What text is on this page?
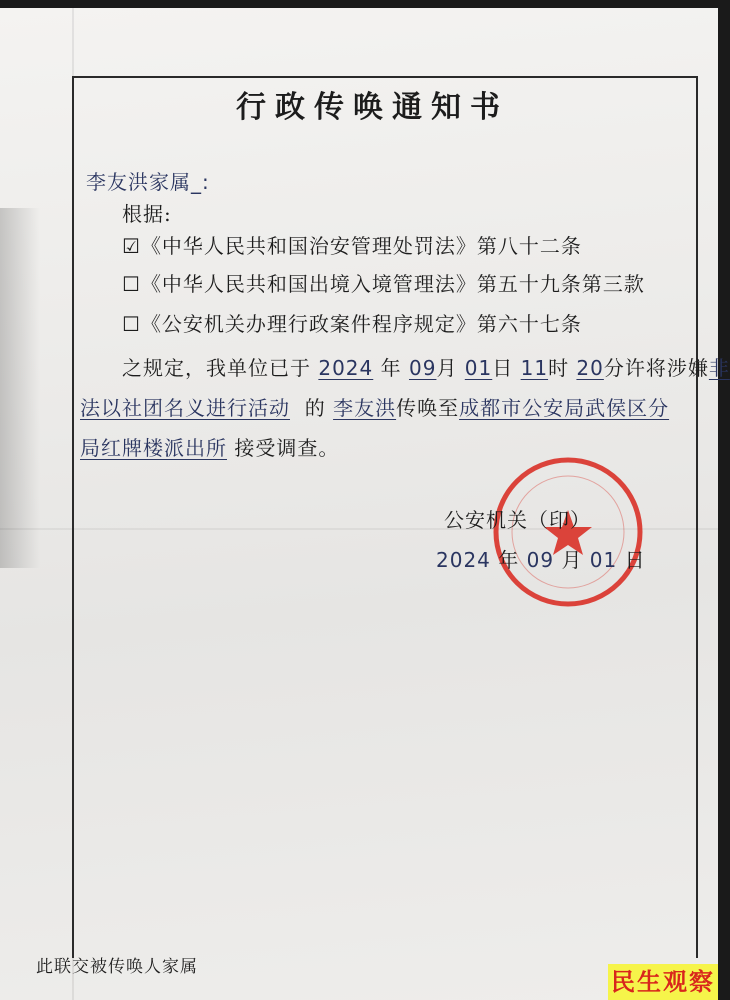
行政传唤通知书
李友洪家属_:
根据:
☑《中华人民共和国治安管理处罚法》第八十二条
☐《中华人民共和国出境入境管理法》第五十九条第三款
☐《公安机关办理行政案件程序规定》第六十七条
之规定，我单位已于 2024 年 09月 01日 11时 20分许将涉嫌非
法以社团名义进行活动 的 李友洪传唤至成都市公安局武侯区分
局红牌楼派出所 接受调查。
公安机关（印）
2024 年 09 月 01 日
此联交被传唤人家属
民生观察
